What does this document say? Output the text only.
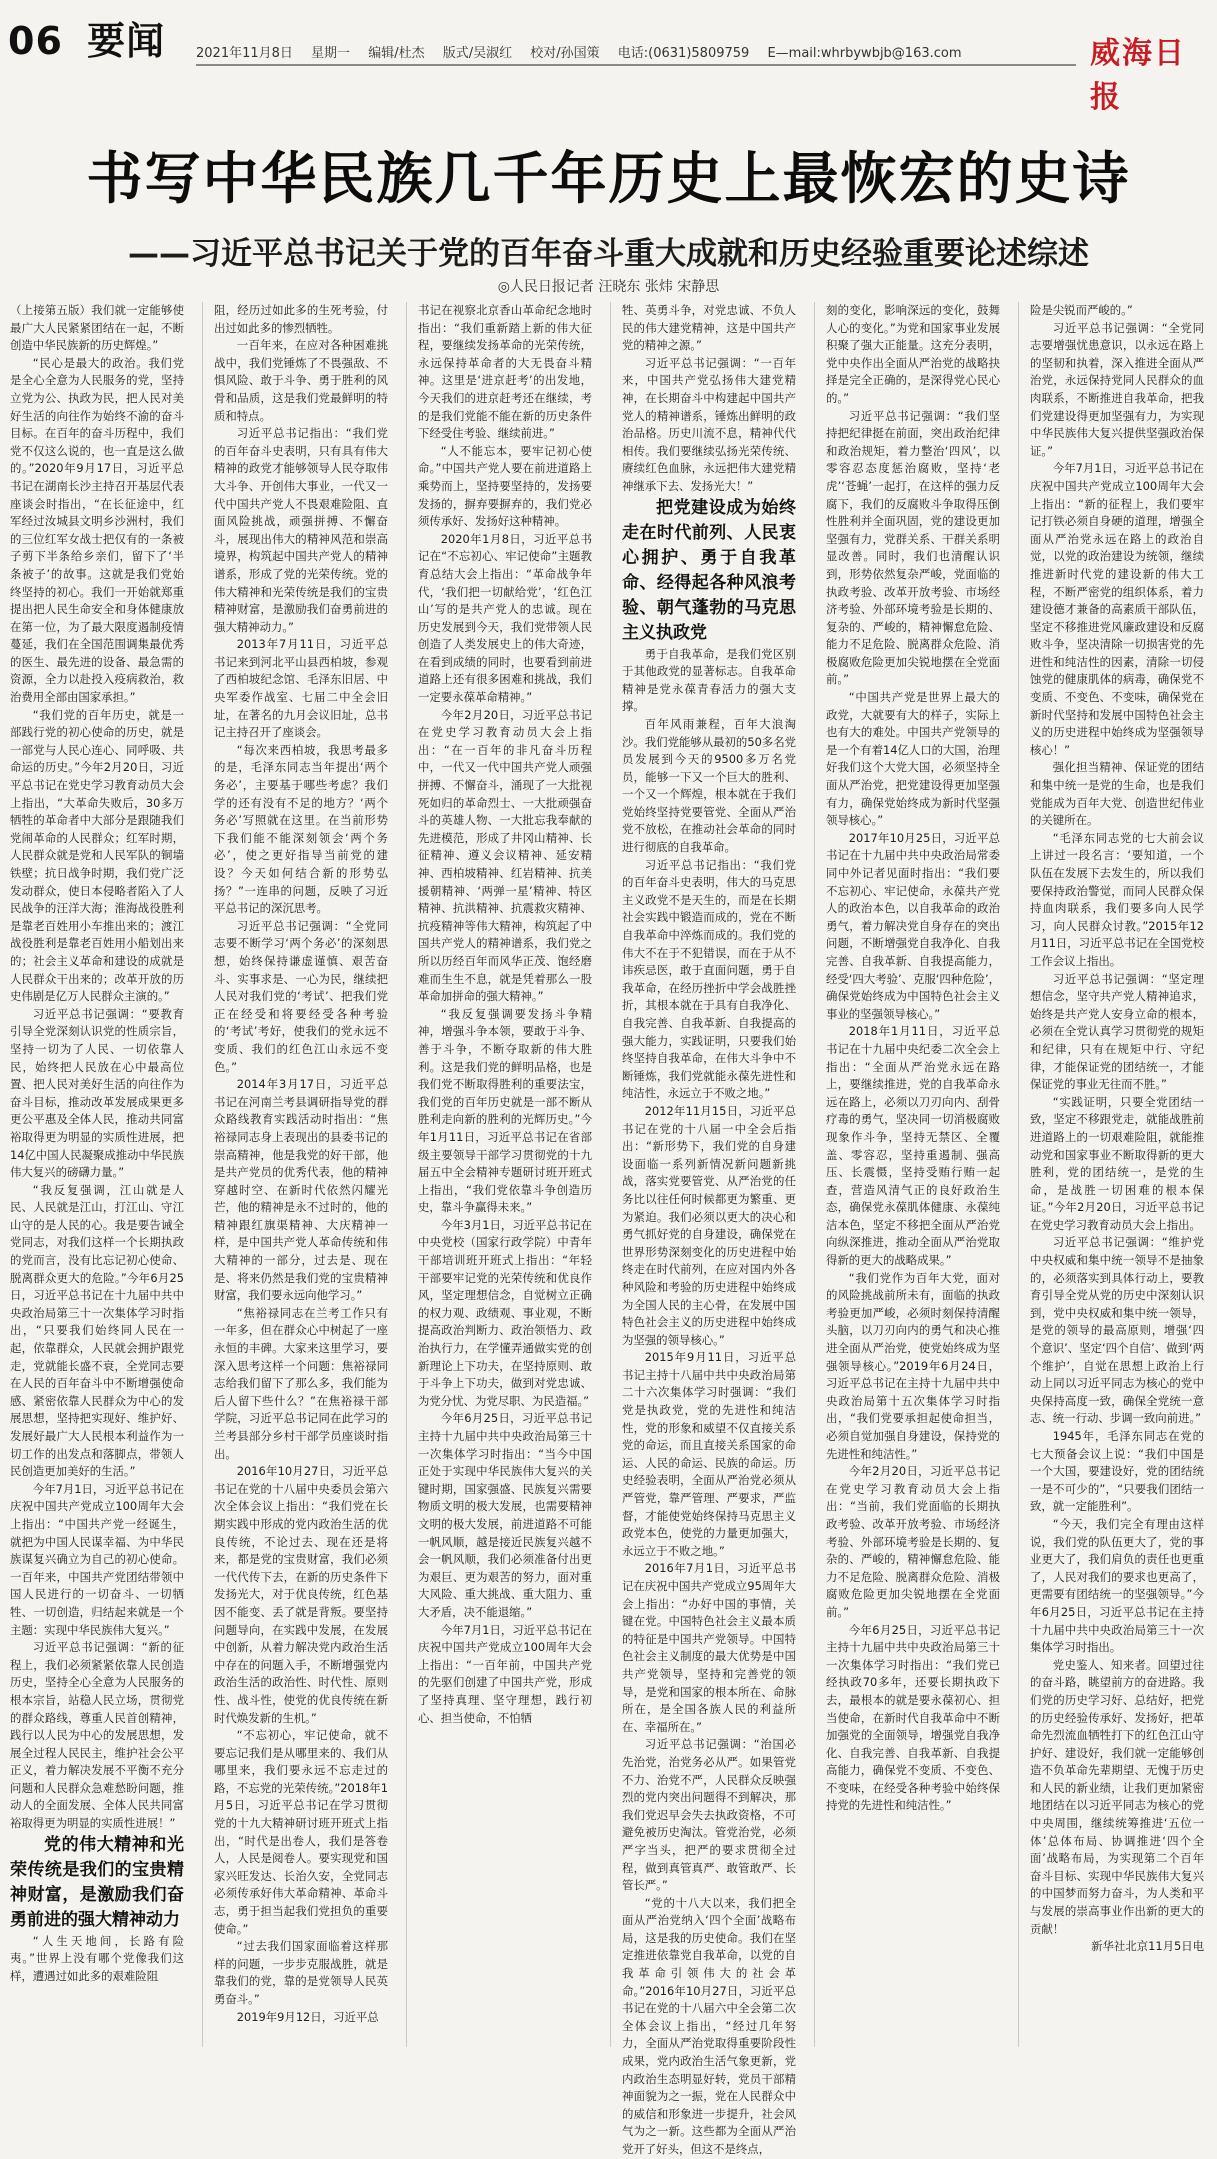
06 要闻 2021年11月8日 星期一 编辑/杜杰 版式/吴淑红 校对/孙国策 电话:(0631)5809759 E—mail:whrbywbjb@163.com	威海日报
书写中华民族几千年历史上最恢宏的史诗
——习近平总书记关于党的百年奋斗重大成就和历史经验重要论述综述
◎人民日报记者 汪晓东 张炜 宋静思

（上接第五版）我们就一定能够使最广大人民紧紧团结在一起，不断创造中华民族新的历史辉煌。”

“民心是最大的政治。我们党是全心全意为人民服务的党，坚持立党为公、执政为民，把人民对美好生活的向往作为始终不渝的奋斗目标。在百年的奋斗历程中，我们党不仅这么说的，也一直是这么做的。”2020年9月17日，习近平总书记在湖南长沙主持召开基层代表座谈会时指出，“在长征途中，红军经过汝城县文明乡沙洲村，我们的三位红军女战士把仅有的一条被子剪下半条给乡亲们，留下了‘半条被子’的故事。这就是我们党始终坚持的初心。我们一开始就郑重提出把人民生命安全和身体健康放在第一位，为了最大限度遏制疫情蔓延，我们在全国范围调集最优秀的医生、最先进的设备、最急需的资源，全力以赴投入疫病救治，救治费用全部由国家承担。”

“我们党的百年历史，就是一部践行党的初心使命的历史，就是一部党与人民心连心、同呼吸、共命运的历史。”今年2月20日，习近平总书记在党史学习教育动员大会上指出，“大革命失败后，30多万牺牲的革命者中大部分是跟随我们党闹革命的人民群众；红军时期，人民群众就是党和人民军队的铜墙铁壁；抗日战争时期，我们党广泛发动群众，使日本侵略者陷入了人民战争的汪洋大海；淮海战役胜利是靠老百姓用小车推出来的；渡江战役胜利是靠老百姓用小船划出来的；社会主义革命和建设的成就是人民群众干出来的；改革开放的历史伟剧是亿万人民群众主演的。”

习近平总书记强调：“要教育引导全党深刻认识党的性质宗旨，坚持一切为了人民、一切依靠人民，始终把人民放在心中最高位置、把人民对美好生活的向往作为奋斗目标，推动改革发展成果更多更公平惠及全体人民，推动共同富裕取得更为明显的实质性进展，把14亿中国人民凝聚成推动中华民族伟大复兴的磅礴力量。”

“我反复强调，江山就是人民、人民就是江山，打江山、守江山守的是人民的心。我是要告诫全党同志，对我们这样一个长期执政的党而言，没有比忘记初心使命、脱离群众更大的危险。”今年6月25日，习近平总书记在十九届中共中央政治局第三十一次集体学习时指出，“只要我们始终同人民在一起，依靠群众，人民就会拥护跟党走，党就能长盛不衰，全党同志要在人民的百年奋斗中不断增强使命感、紧密依靠人民群众为中心的发展思想，坚持把实现好、维护好、发展好最广大人民根本利益作为一切工作的出发点和落脚点，带领人民创造更加美好的生活。”

今年7月1日，习近平总书记在庆祝中国共产党成立100周年大会上指出：“中国共产党一经诞生，就把为中国人民谋幸福、为中华民族谋复兴确立为自己的初心使命。一百年来，中国共产党团结带领中国人民进行的一切奋斗、一切牺牲、一切创造，归结起来就是一个主题：实现中华民族伟大复兴。”

习近平总书记强调：“新的征程上，我们必须紧紧依靠人民创造历史，坚持全心全意为人民服务的根本宗旨，站稳人民立场，贯彻党的群众路线，尊重人民首创精神，践行以人民为中心的发展思想，发展全过程人民民主，维护社会公平正义，着力解决发展不平衡不充分问题和人民群众急难愁盼问题，推动人的全面发展、全体人民共同富裕取得更为明显的实质性进展！”

党的伟大精神和光荣传统是我们的宝贵精神财富，是激励我们奋勇前进的强大精神动力

“人生天地间，长路有险夷。”世界上没有哪个党像我们这样，遭遇过如此多的艰难险阻

阻，经历过如此多的生死考验，付出过如此多的惨烈牺牲。

一百年来，在应对各种困难挑战中，我们党锤炼了不畏强敌、不惧风险、敢于斗争、勇于胜利的风骨和品质，这是我们党最鲜明的特质和特点。

习近平总书记指出：“我们党的百年奋斗史表明，只有具有伟大精神的政党才能够领导人民夺取伟大斗争、开创伟大事业，一代又一代中国共产党人不畏艰难险阻、直面风险挑战，顽强拼搏、不懈奋斗，展现出伟大的精神风范和崇高境界，构筑起中国共产党人的精神谱系，形成了党的光荣传统。党的伟大精神和光荣传统是我们的宝贵精神财富，是激励我们奋勇前进的强大精神动力。”

2013年7月11日，习近平总书记来到河北平山县西柏坡，参观了西柏坡纪念馆、毛泽东旧居、中央军委作战室、七届二中全会旧址，在著名的九月会议旧址，总书记主持召开了座谈会。

“每次来西柏坡，我思考最多的是，毛泽东同志当年提出‘两个务必’，主要基于哪些考虑？我们学的还有没有不足的地方？‘两个务必’写照就在这里。在当前形势下我们能不能深刻领会‘两个务必’，使之更好指导当前党的建设？今天如何结合新的形势弘扬？”一连串的问题，反映了习近平总书记的深沉思考。

习近平总书记强调：“全党同志要不断学习‘两个务必’的深刻思想，始终保持谦虚谨慎、艰苦奋斗、实事求是、一心为民，继续把人民对我们党的‘考试’、把我们党正在经受和将要经受各种考验的‘考试’考好，使我们的党永远不变质、我们的红色江山永远不变色。”

2014年3月17日，习近平总书记在河南兰考县调研指导党的群众路线教育实践活动时指出：“焦裕禄同志身上表现出的县委书记的崇高精神，他是我党的好干部，他是共产党员的优秀代表，他的精神穿越时空、在新时代依然闪耀光芒，他的精神是永不过时的，他的精神跟红旗渠精神、大庆精神一样，是中国共产党人革命传统和伟大精神的一部分，过去是、现在是、将来仍然是我们党的宝贵精神财富，我们要永远向他学习。”

“焦裕禄同志在兰考工作只有一年多，但在群众心中树起了一座永恒的丰碑。大家来这里学习，要深入思考这样一个问题：焦裕禄同志给我们留下了那么多，我们能为后人留下些什么？”在焦裕禄干部学院，习近平总书记同在此学习的兰考县部分乡村干部学员座谈时指出。

2016年10月27日，习近平总书记在党的十八届中央委员会第六次全体会议上指出：“我们党在长期实践中形成的党内政治生活的优良传统，不论过去、现在还是将来，都是党的宝贵财富，我们必须一代代传下去，在新的历史条件下发扬光大，对于优良传统，红色基因不能变、丢了就是背叛。要坚持问题导向，在实践中发展，在发展中创新，从着力解决党内政治生活中存在的问题入手，不断增强党内政治生活的政治性、时代性、原则性、战斗性，使党的优良传统在新时代焕发新的生机。”

“不忘初心，牢记使命，就不要忘记我们是从哪里来的、我们从哪里来，我们要永远不忘走过的路，不忘党的光荣传统。”2018年1月5日，习近平总书记在学习贯彻党的十九大精神研讨班开班式上指出，“时代是出卷人，我们是答卷人，人民是阅卷人。要实现党和国家兴旺发达、长治久安，全党同志必须传承好伟大革命精神、革命斗志，勇于担当起我们党担负的重要使命。”

“过去我们国家面临着这样那样的问题，一步步克服战胜，就是靠我们的党，靠的是党领导人民英勇奋斗。”

2019年9月12日，习近平总

书记在视察北京香山革命纪念地时指出：“我们重新踏上新的伟大征程，要继续发扬革命的光荣传统，永远保持革命者的大无畏奋斗精神。这里是‘进京赶考’的出发地，今天我们的进京赶考还在继续，考的是我们党能不能在新的历史条件下经受住考验、继续前进。”

“人不能忘本，要牢记初心使命。”中国共产党人要在前进道路上乘势而上，坚持要坚持的，发扬要发扬的，摒弃要摒弃的，我们党必须传承好、发扬好这种精神。

2020年1月8日，习近平总书记在“不忘初心、牢记使命”主题教育总结大会上指出：“革命战争年代，‘我们把一切献给党’，‘红色江山’写的是共产党人的忠诚。现在历史发展到今天，我们党带领人民创造了人类发展史上的伟大奇迹，在看到成绩的同时，也要看到前进道路上还有很多困难和挑战，我们一定要永葆革命精神。”

今年2月20日，习近平总书记在党史学习教育动员大会上指出：“在一百年的非凡奋斗历程中，一代又一代中国共产党人顽强拼搏、不懈奋斗，涌现了一大批视死如归的革命烈士、一大批顽强奋斗的英雄人物、一大批忘我奉献的先进模范，形成了井冈山精神、长征精神、遵义会议精神、延安精神、西柏坡精神、红岩精神、抗美援朝精神、‘两弹一星’精神、特区精神、抗洪精神、抗震救灾精神、抗疫精神等伟大精神，构筑起了中国共产党人的精神谱系，我们党之所以历经百年而风华正茂、饱经磨难而生生不息，就是凭着那么一股革命加拼命的强大精神。”

“我反复强调要发扬斗争精神，增强斗争本领，要敢于斗争、善于斗争，不断夺取新的伟大胜利。这是我们党的鲜明品格，也是我们党不断取得胜利的重要法宝，我们党的百年历史就是一部不断从胜利走向新的胜利的光辉历史。”今年1月11日，习近平总书记在省部级主要领导干部学习贯彻党的十九届五中全会精神专题研讨班开班式上指出，“我们党依靠斗争创造历史，靠斗争赢得未来。”

今年3月1日，习近平总书记在中央党校（国家行政学院）中青年干部培训班开班式上指出：“年轻干部要牢记党的光荣传统和优良作风，坚定理想信念，自觉树立正确的权力观、政绩观、事业观，不断提高政治判断力、政治领悟力、政治执行力，在学懂弄通做实党的创新理论上下功夫，在坚持原则、敢于斗争上下功夫，做到对党忠诚、为党分忧、为党尽职、为民造福。”

今年6月25日，习近平总书记主持十九届中共中央政治局第三十一次集体学习时指出：“当今中国正处于实现中华民族伟大复兴的关键时期，国家强盛、民族复兴需要物质文明的极大发展，也需要精神文明的极大发展，前进道路不可能一帆风顺，越是接近民族复兴越不会一帆风顺，我们必须准备付出更为艰巨、更为艰苦的努力，面对重大风险、重大挑战、重大阻力、重大矛盾，决不能退缩。”

今年7月1日，习近平总书记在庆祝中国共产党成立100周年大会上指出：“一百年前，中国共产党的先驱们创建了中国共产党，形成了坚持真理、坚守理想，践行初心、担当使命，不怕牺

牲、英勇斗争，对党忠诚、不负人民的伟大建党精神，这是中国共产党的精神之源。”

习近平总书记强调：“一百年来，中国共产党弘扬伟大建党精神，在长期奋斗中构建起中国共产党人的精神谱系，锤炼出鲜明的政治品格。历史川流不息，精神代代相传。我们要继续弘扬光荣传统、赓续红色血脉，永远把伟大建党精神继承下去、发扬光大！”

把党建设成为始终走在时代前列、人民衷心拥护、勇于自我革命、经得起各种风浪考验、朝气蓬勃的马克思主义执政党

勇于自我革命，是我们党区别于其他政党的显著标志。自我革命精神是党永葆青春活力的强大支撑。

百年风雨兼程，百年大浪淘沙。我们党能够从最初的50多名党员发展到今天的9500多万名党员，能够一下又一个巨大的胜利、一个又一个辉煌，根本就在于我们党始终坚持党要管党、全面从严治党不放松，在推动社会革命的同时进行彻底的自我革命。

习近平总书记指出：“我们党的百年奋斗史表明，伟大的马克思主义政党不是天生的，而是在长期社会实践中锻造而成的，党在不断自我革命中淬炼而成的。我们党的伟大不在于不犯错误，而在于从不讳疾忌医，敢于直面问题，勇于自我革命，在经历挫折中学会战胜挫折，其根本就在于具有自我净化、自我完善、自我革新、自我提高的强大能力，实践证明，只要我们始终坚持自我革命，在伟大斗争中不断锤炼，我们党就能永葆先进性和纯洁性，永远立于不败之地。”

2012年11月15日，习近平总书记在党的十八届一中全会后指出：“新形势下，我们党的自身建设面临一系列新情况新问题新挑战，落实党要管党、从严治党的任务比以往任何时候都更为繁重、更为紧迫。我们必须以更大的决心和勇气抓好党的自身建设，确保党在世界形势深刻变化的历史进程中始终走在时代前列，在应对国内外各种风险和考验的历史进程中始终成为全国人民的主心骨，在发展中国特色社会主义的历史进程中始终成为坚强的领导核心。”

2015年9月11日，习近平总书记主持十八届中共中央政治局第二十六次集体学习时强调：“我们党是执政党，党的先进性和纯洁性，党的形象和威望不仅直接关系党的命运，而且直接关系国家的命运、人民的命运、民族的命运。历史经验表明，全面从严治党必须从严管党，靠严管理、严要求，严监督，才能使党始终保持马克思主义政党本色，使党的力量更加强大，永远立于不败之地。”

2016年7月1日，习近平总书记在庆祝中国共产党成立95周年大会上指出：“办好中国的事情，关键在党。中国特色社会主义最本质的特征是中国共产党领导。中国特色社会主义制度的最大优势是中国共产党领导，坚持和完善党的领导，是党和国家的根本所在、命脉所在，是全国各族人民的利益所在、幸福所在。”

习近平总书记强调：“治国必先治党，治党务必从严。如果管党不力、治党不严，人民群众反映强烈的党内突出问题得不到解决，那我们党迟早会失去执政资格，不可避免被历史淘汰。管党治党，必须严字当头，把严的要求贯彻全过程，做到真管真严、敢管敢严、长管长严。”

“党的十八大以来，我们把全面从严治党纳入‘四个全面’战略布局，这是我的历史使命。我们在坚定推进依靠党自我革命，以党的自我革命引领伟大的社会革命。”2016年10月27日，习近平总书记在党的十八届六中全会第二次全体会议上指出，“经过几年努力，全面从严治党取得重要阶段性成果，党内政治生活气象更新，党内政治生态明显好转，党员干部精神面貌为之一振，党在人民群众中的威信和形象进一步提升，社会风气为之一新。这些都为全面从严治党开了好头，但这不是终点，

刻的变化，影响深远的变化，鼓舞人心的变化。”为党和国家事业发展积聚了强大正能量。这充分表明，党中央作出全面从严治党的战略抉择是完全正确的，是深得党心民心的。”

习近平总书记强调：“我们坚持把纪律挺在前面，突出政治纪律和政治规矩，着力整治‘四风’，以零容忍态度惩治腐败，坚持‘老虎’‘苍蝇’一起打，在这样的强力反腐下，我们的反腐败斗争取得压倒性胜利并全面巩固，党的建设更加坚强有力，党群关系、干群关系明显改善。同时，我们也清醒认识到，形势依然复杂严峻，党面临的执政考验、改革开放考验、市场经济考验、外部环境考验是长期的、复杂的、严峻的，精神懈怠危险、能力不足危险、脱离群众危险、消极腐败危险更加尖锐地摆在全党面前。”

“中国共产党是世界上最大的政党，大就要有大的样子，实际上也有大的难处。中国共产党领导的是一个有着14亿人口的大国，治理好我们这个大党大国，必须坚持全面从严治党，把党建设得更加坚强有力，确保党始终成为新时代坚强领导核心。”

2017年10月25日，习近平总书记在十九届中共中央政治局常委同中外记者见面时指出：“我们要不忘初心、牢记使命，永葆共产党人的政治本色，以自我革命的政治勇气，着力解决党自身存在的突出问题，不断增强党自我净化、自我完善、自我革新、自我提高能力，经受‘四大考验’、克服‘四种危险’，确保党始终成为中国特色社会主义事业的坚强领导核心。”

2018年1月11日，习近平总书记在十九届中央纪委二次全会上指出：“全面从严治党永远在路上，要继续推进，党的自我革命永远在路上，必须以刀刃向内、刮骨疗毒的勇气，坚决同一切消极腐败现象作斗争，坚持无禁区、全覆盖、零容忍，坚持重遏制、强高压、长震慑，坚持受贿行贿一起查，营造风清气正的良好政治生态，确保党永葆肌体健康、永葆纯洁本色，坚定不移把全面从严治党向纵深推进，推动全面从严治党取得新的更大的战略成果。”

“我们党作为百年大党，面对的风险挑战前所未有，面临的执政考验更加严峻，必须时刻保持清醒头脑，以刀刃向内的勇气和决心推进全面从严治党，使党始终成为坚强领导核心。”2019年6月24日，习近平总书记在主持十九届中共中央政治局第十五次集体学习时指出，“我们党要承担起使命担当，必须自觉加强自身建设，保持党的先进性和纯洁性。”

今年2月20日，习近平总书记在党史学习教育动员大会上指出：“当前，我们党面临的长期执政考验、改革开放考验、市场经济考验、外部环境考验是长期的、复杂的、严峻的，精神懈怠危险、能力不足危险、脱离群众危险、消极腐败危险更加尖锐地摆在全党面前。”

今年6月25日，习近平总书记主持十九届中共中央政治局第三十一次集体学习时指出：“我们党已经执政70多年，还要长期执政下去，最根本的就是要永葆初心、担当使命，在新时代自我革命中不断加强党的全面领导，增强党自我净化、自我完善、自我革新、自我提高能力，确保党不变质、不变色、不变味，在经受各种考验中始终保持党的先进性和纯洁性。”

险是尖锐而严峻的。”

习近平总书记强调：“全党同志要增强忧患意识，以永远在路上的坚韧和执着，深入推进全面从严治党，永远保持党同人民群众的血肉联系，不断推进自我革命，把我们党建设得更加坚强有力，为实现中华民族伟大复兴提供坚强政治保证。”

今年7月1日，习近平总书记在庆祝中国共产党成立100周年大会上指出：“新的征程上，我们要牢记打铁必须自身硬的道理，增强全面从严治党永远在路上的政治自觉，以党的政治建设为统领，继续推进新时代党的建设新的伟大工程，不断严密党的组织体系，着力建设德才兼备的高素质干部队伍，坚定不移推进党风廉政建设和反腐败斗争，坚决清除一切损害党的先进性和纯洁性的因素，清除一切侵蚀党的健康肌体的病毒，确保党不变质、不变色、不变味，确保党在新时代坚持和发展中国特色社会主义的历史进程中始终成为坚强领导核心！”

强化担当精神、保证党的团结和集中统一是党的生命，也是我们党能成为百年大党、创造世纪伟业的关键所在。

“毛泽东同志党的七大前会议上讲过一段名言：‘要知道，一个队伍在发展下去发生的，所以我们要保持政治警觉，而同人民群众保持血肉联系，我们要多向人民学习，向人民群众讨教。”2015年12月11日，习近平总书记在全国党校工作会议上指出。

习近平总书记强调：“坚定理想信念，坚守共产党人精神追求，始终是共产党人安身立命的根本，必须在全党认真学习贯彻党的规矩和纪律，只有在规矩中行、守纪律，才能保证党的团结统一，才能保证党的事业无往而不胜。”

“实践证明，只要全党团结一致，坚定不移跟党走，就能战胜前进道路上的一切艰难险阻，就能推动党和国家事业不断取得新的更大胜利，党的团结统一，是党的生命，是战胜一切困难的根本保证。”今年2月20日，习近平总书记在党史学习教育动员大会上指出。

习近平总书记强调：“维护党中央权威和集中统一领导不是抽象的，必须落实到具体行动上，要教育引导全党从党的历史中深刻认识到，党中央权威和集中统一领导，是党的领导的最高原则，增强‘四个意识’、坚定‘四个自信’、做到‘两个维护’，自觉在思想上政治上行动上同以习近平同志为核心的党中央保持高度一致，确保全党统一意志、统一行动、步调一致向前进。”

1945年，毛泽东同志在党的七大预备会议上说：“我们中国是一个大国，要建设好，党的团结统一是不可少的”，“只要我们团结一致，就一定能胜利”。

“今天，我们完全有理由这样说，我们党的队伍更大了，党的事业更大了，我们肩负的责任也更重了，人民对我们的要求也更高了，更需要有团结统一的坚强领导。”今年6月25日，习近平总书记在主持十九届中共中央政治局第三十一次集体学习时指出。

党史鉴人、知来者。回望过往的奋斗路，眺望前方的奋进路。我们党的历史学习好、总结好，把党的历史经验传承好、发扬好，把革命先烈流血牺牲打下的红色江山守护好、建设好，我们就一定能够创造不负革命先辈期望、无愧于历史和人民的新业绩，让我们更加紧密地团结在以习近平同志为核心的党中央周围，继续统筹推进‘五位一体’总体布局、协调推进‘四个全面’战略布局，为实现第二个百年奋斗目标、实现中华民族伟大复兴的中国梦而努力奋斗，为人类和平与发展的崇高事业作出新的更大的贡献！

新华社北京11月5日电
